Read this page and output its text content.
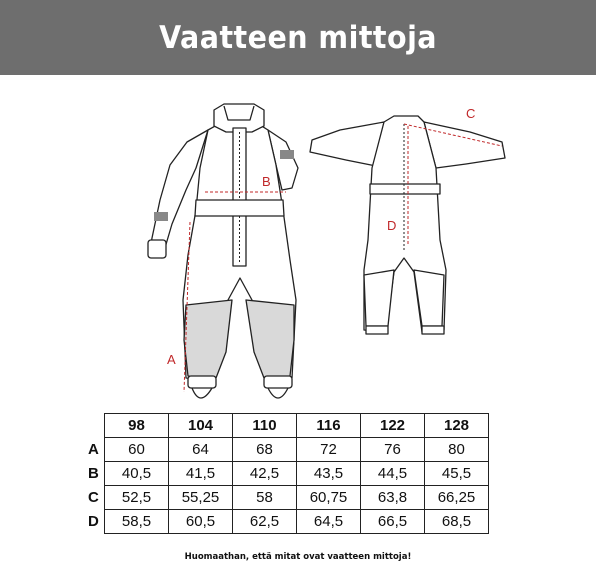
Vaatteen mittoja
B
A
C
D
	98	104	110	116	122	128
A	60	64	68	72	76	80
B	40,5	41,5	42,5	43,5	44,5	45,5
C	52,5	55,25	58	60,75	63,8	66,25
D	58,5	60,5	62,5	64,5	66,5	68,5
Huomaathan, että mitat ovat vaatteen mittoja!
